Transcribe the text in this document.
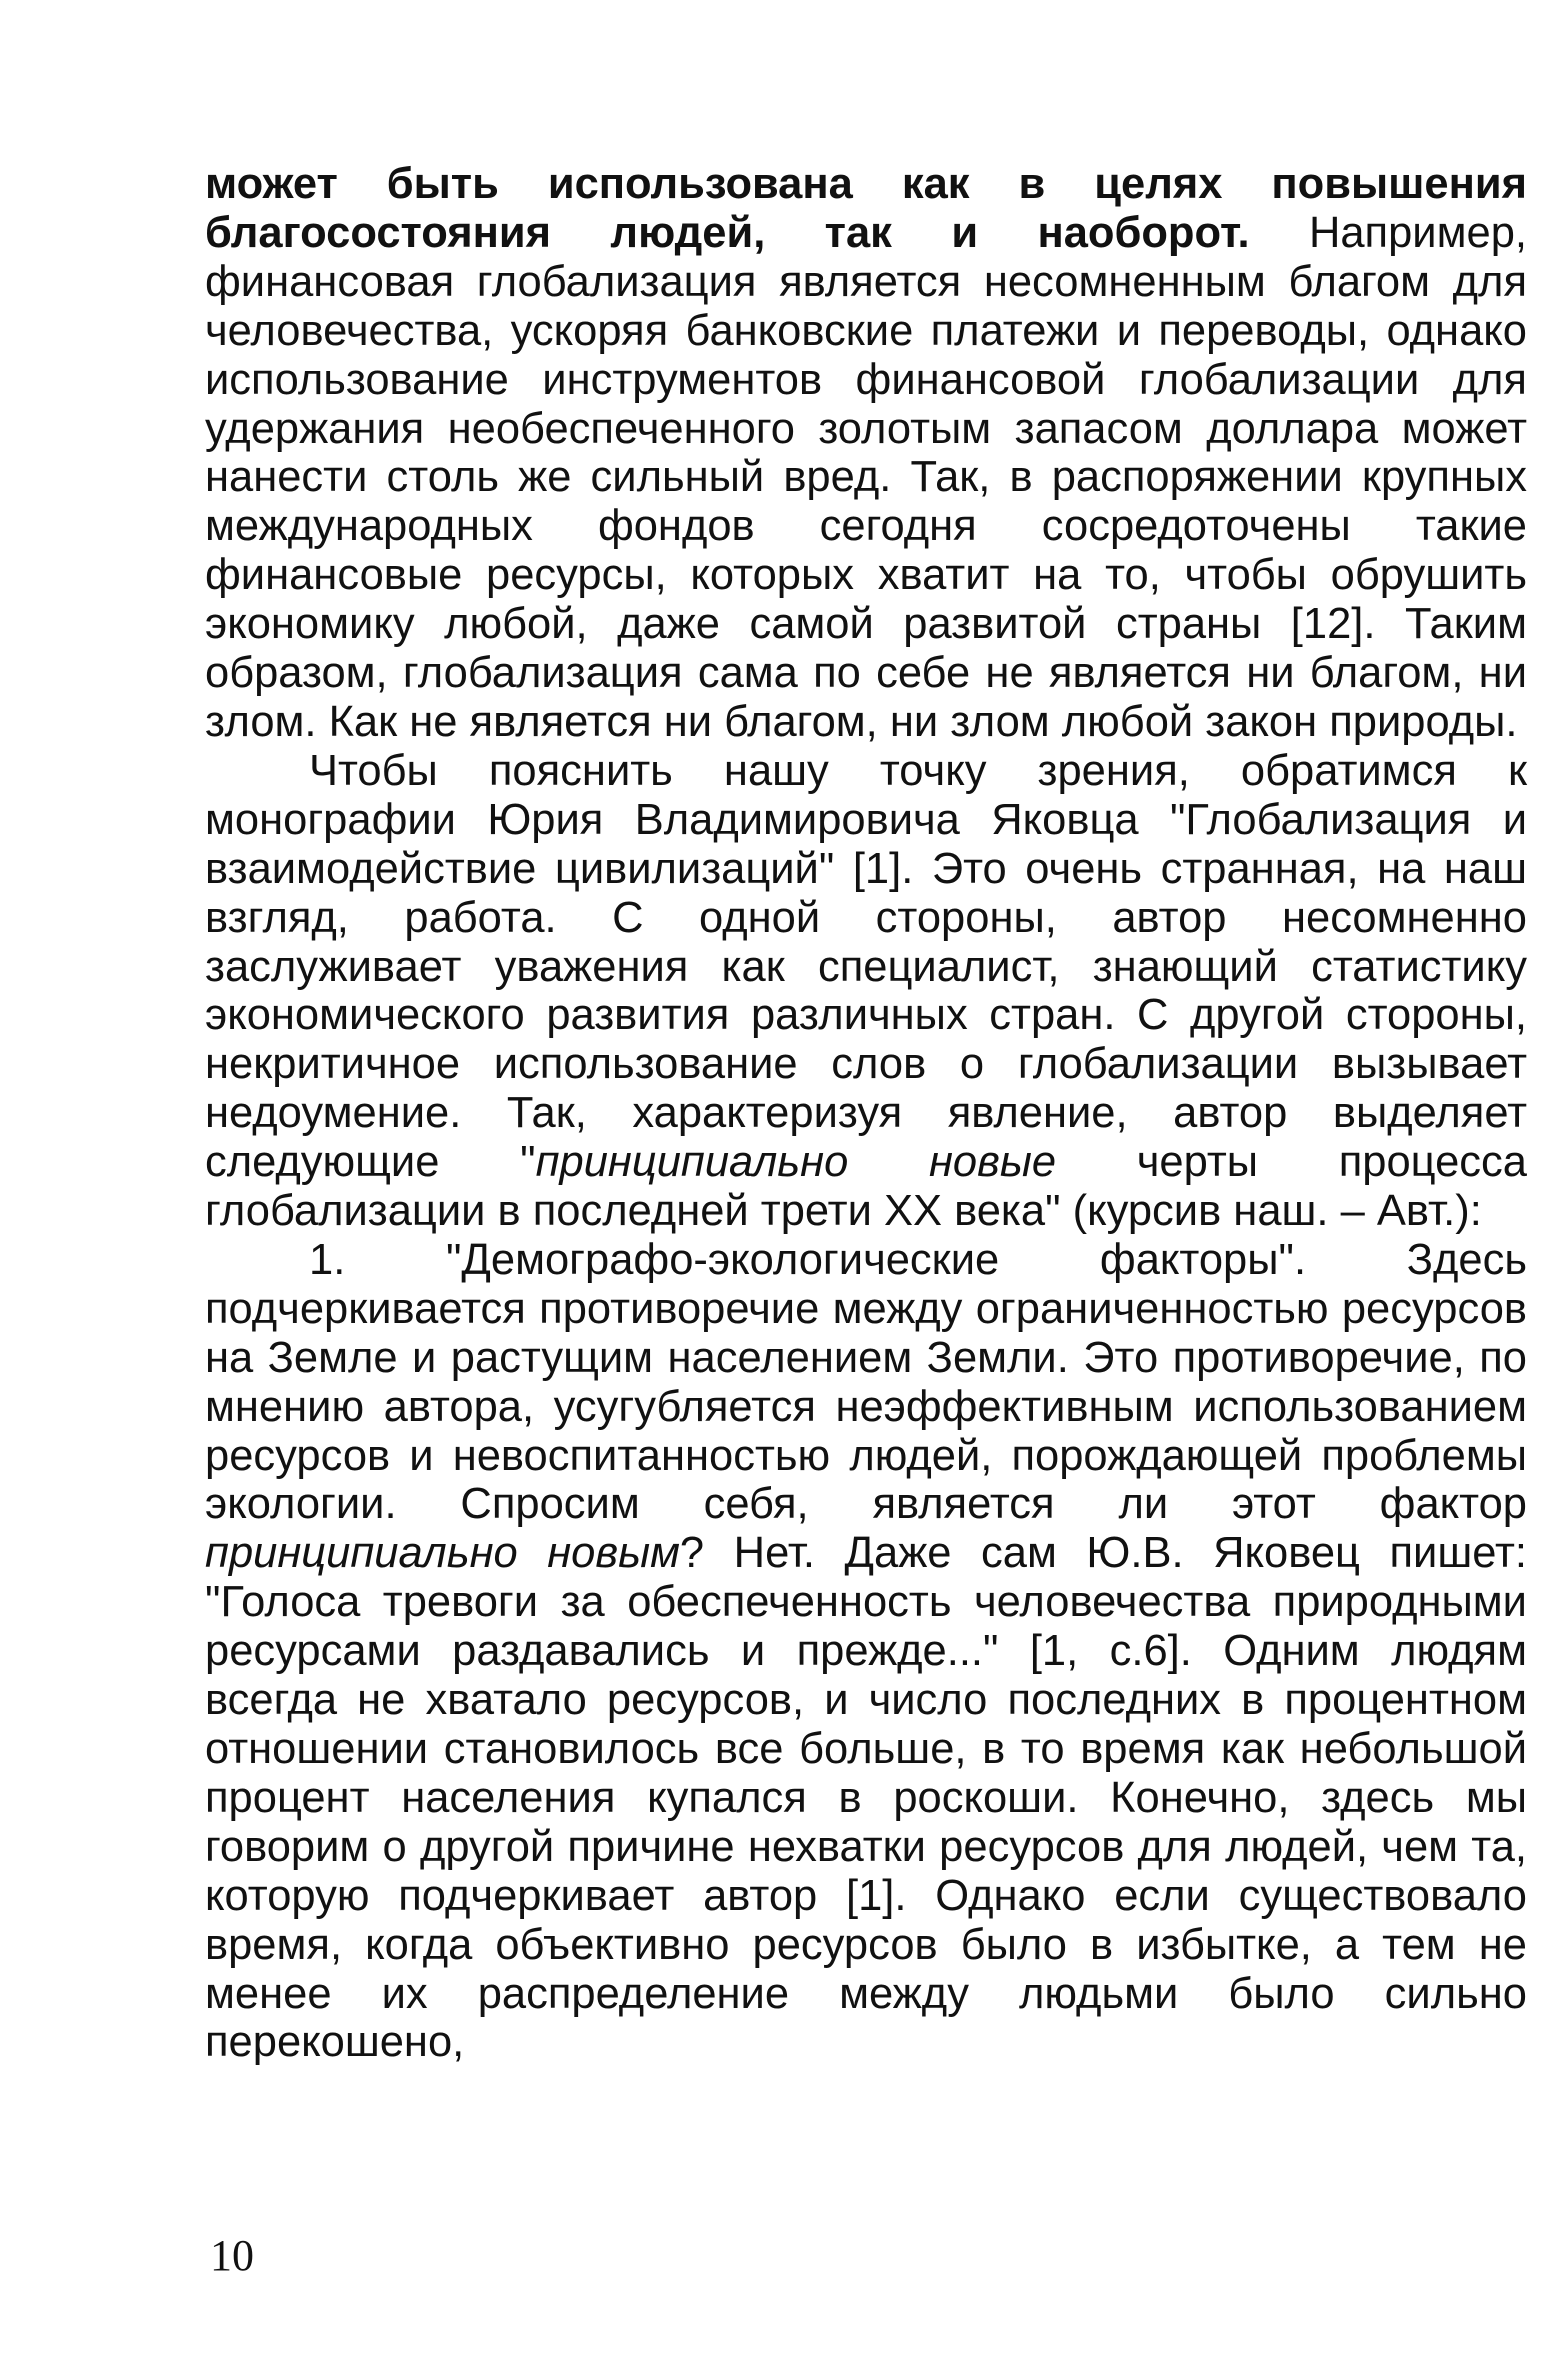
может быть использована как в целях повышения благосостояния людей, так и наоборот. Например, финансовая глобализация является несомненным благом для человечества, ускоряя банковские платежи и переводы, однако использование инструментов финансовой глобализации для удержания необеспеченного золотым запасом доллара может нанести столь же сильный вред. Так, в распоряжении крупных международных фондов сегодня сосредоточены такие финансовые ресурсы, которых хватит на то, чтобы обрушить экономику любой, даже самой развитой страны [12]. Таким образом, глобализация сама по себе не является ни благом, ни злом. Как не является ни благом, ни злом любой закон природы.

Чтобы пояснить нашу точку зрения, обратимся к монографии Юрия Владимировича Яковца "Глобализация и взаимодействие цивилизаций" [1]. Это очень странная, на наш взгляд, работа. С одной стороны, автор несомненно заслуживает уважения как специалист, знающий статистику экономического развития различных стран. С другой стороны, некритичное использование слов о глобализации вызывает недоумение. Так, характеризуя явление, автор выделяет следующие "принципиально новые черты процесса глобализации в последней трети XX века" (курсив наш. – Авт.):

1. "Демографо-экологические факторы". Здесь подчеркивается противоречие между ограниченностью ресурсов на Земле и растущим населением Земли. Это противоречие, по мнению автора, усугубляется неэффективным использованием ресурсов и невоспитанностью людей, порождающей проблемы экологии. Спросим себя, является ли этот фактор принципиально новым? Нет. Даже сам Ю.В. Яковец пишет: "Голоса тревоги за обеспеченность человечества природными ресурсами раздавались и прежде..." [1, с.6]. Одним людям всегда не хватало ресурсов, и число последних в процентном отношении становилось все больше, в то время как небольшой процент населения купался в роскоши. Конечно, здесь мы говорим о другой причине нехватки ресурсов для людей, чем та, которую подчеркивает автор [1]. Однако если существовало время, когда объективно ресурсов было в избытке, а тем не менее их распределение между людьми было сильно перекошено,

10
